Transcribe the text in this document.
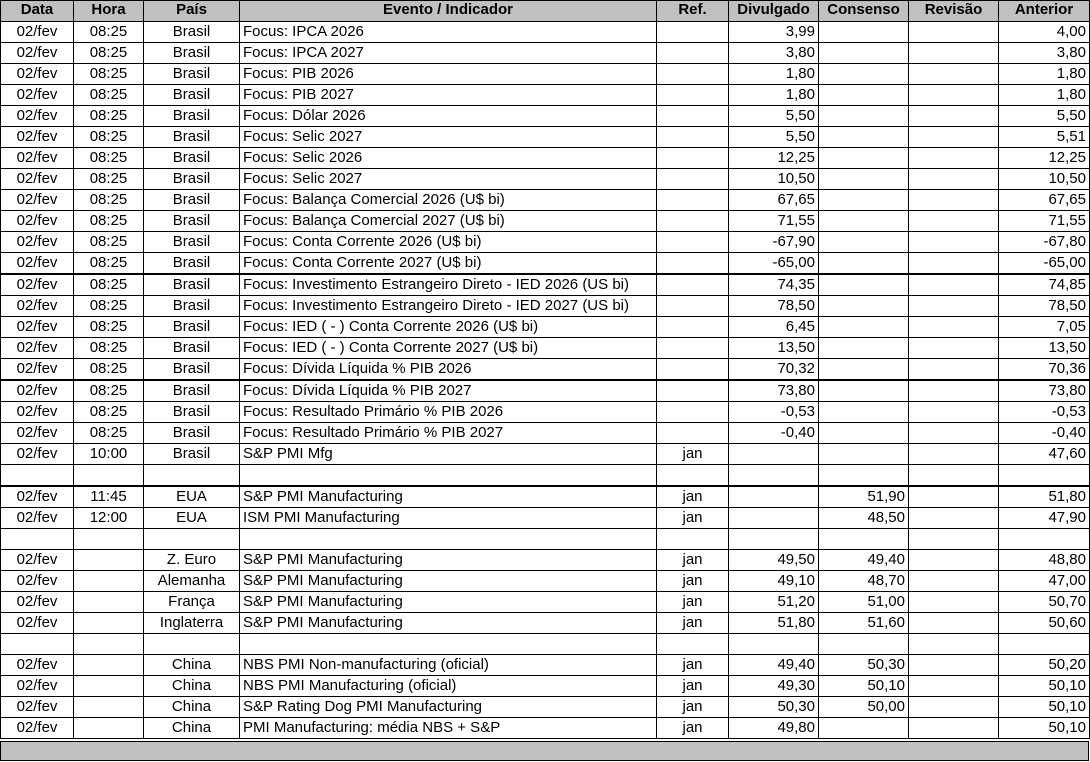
Data	Hora	País	Evento / Indicador	Ref.	Divulgado	Consenso	Revisão	Anterior
02/fev	08:25	Brasil	Focus: IPCA 2026		3,99			4,00
02/fev	08:25	Brasil	Focus: IPCA 2027		3,80			3,80
02/fev	08:25	Brasil	Focus: PIB 2026		1,80			1,80
02/fev	08:25	Brasil	Focus: PIB 2027		1,80			1,80
02/fev	08:25	Brasil	Focus: Dólar 2026		5,50			5,50
02/fev	08:25	Brasil	Focus: Selic 2027		5,50			5,51
02/fev	08:25	Brasil	Focus: Selic 2026		12,25			12,25
02/fev	08:25	Brasil	Focus: Selic 2027		10,50			10,50
02/fev	08:25	Brasil	Focus: Balança Comercial 2026 (U$ bi)		67,65			67,65
02/fev	08:25	Brasil	Focus: Balança Comercial 2027 (U$ bi)		71,55			71,55
02/fev	08:25	Brasil	Focus: Conta Corrente 2026 (U$ bi)		-67,90			-67,80
02/fev	08:25	Brasil	Focus: Conta Corrente 2027 (U$ bi)		-65,00			-65,00
02/fev	08:25	Brasil	Focus: Investimento Estrangeiro Direto - IED 2026 (US bi)		74,35			74,85
02/fev	08:25	Brasil	Focus: Investimento Estrangeiro Direto - IED 2027 (US bi)		78,50			78,50
02/fev	08:25	Brasil	Focus: IED ( - ) Conta Corrente 2026 (U$ bi)		6,45			7,05
02/fev	08:25	Brasil	Focus: IED ( - ) Conta Corrente 2027 (U$ bi)		13,50			13,50
02/fev	08:25	Brasil	Focus: Dívida Líquida % PIB 2026		70,32			70,36
02/fev	08:25	Brasil	Focus: Dívida Líquida % PIB 2027		73,80			73,80
02/fev	08:25	Brasil	Focus: Resultado Primário % PIB 2026		-0,53			-0,53
02/fev	08:25	Brasil	Focus: Resultado Primário % PIB 2027		-0,40			-0,40
02/fev	10:00	Brasil	S&P PMI Mfg	jan				47,60

02/fev	11:45	EUA	S&P PMI Manufacturing	jan		51,90		51,80
02/fev	12:00	EUA	ISM PMI Manufacturing	jan		48,50		47,90

02/fev		Z. Euro	S&P PMI Manufacturing	jan	49,50	49,40		48,80
02/fev		Alemanha	S&P PMI Manufacturing	jan	49,10	48,70		47,00
02/fev		França	S&P PMI Manufacturing	jan	51,20	51,00		50,70
02/fev		Inglaterra	S&P PMI Manufacturing	jan	51,80	51,60		50,60

02/fev		China	NBS PMI Non-manufacturing (oficial)	jan	49,40	50,30		50,20
02/fev		China	NBS PMI Manufacturing (oficial)	jan	49,30	50,10		50,10
02/fev		China	S&P Rating Dog PMI Manufacturing	jan	50,30	50,00		50,10
02/fev		China	PMI Manufacturing: média NBS + S&P	jan	49,80			50,10
